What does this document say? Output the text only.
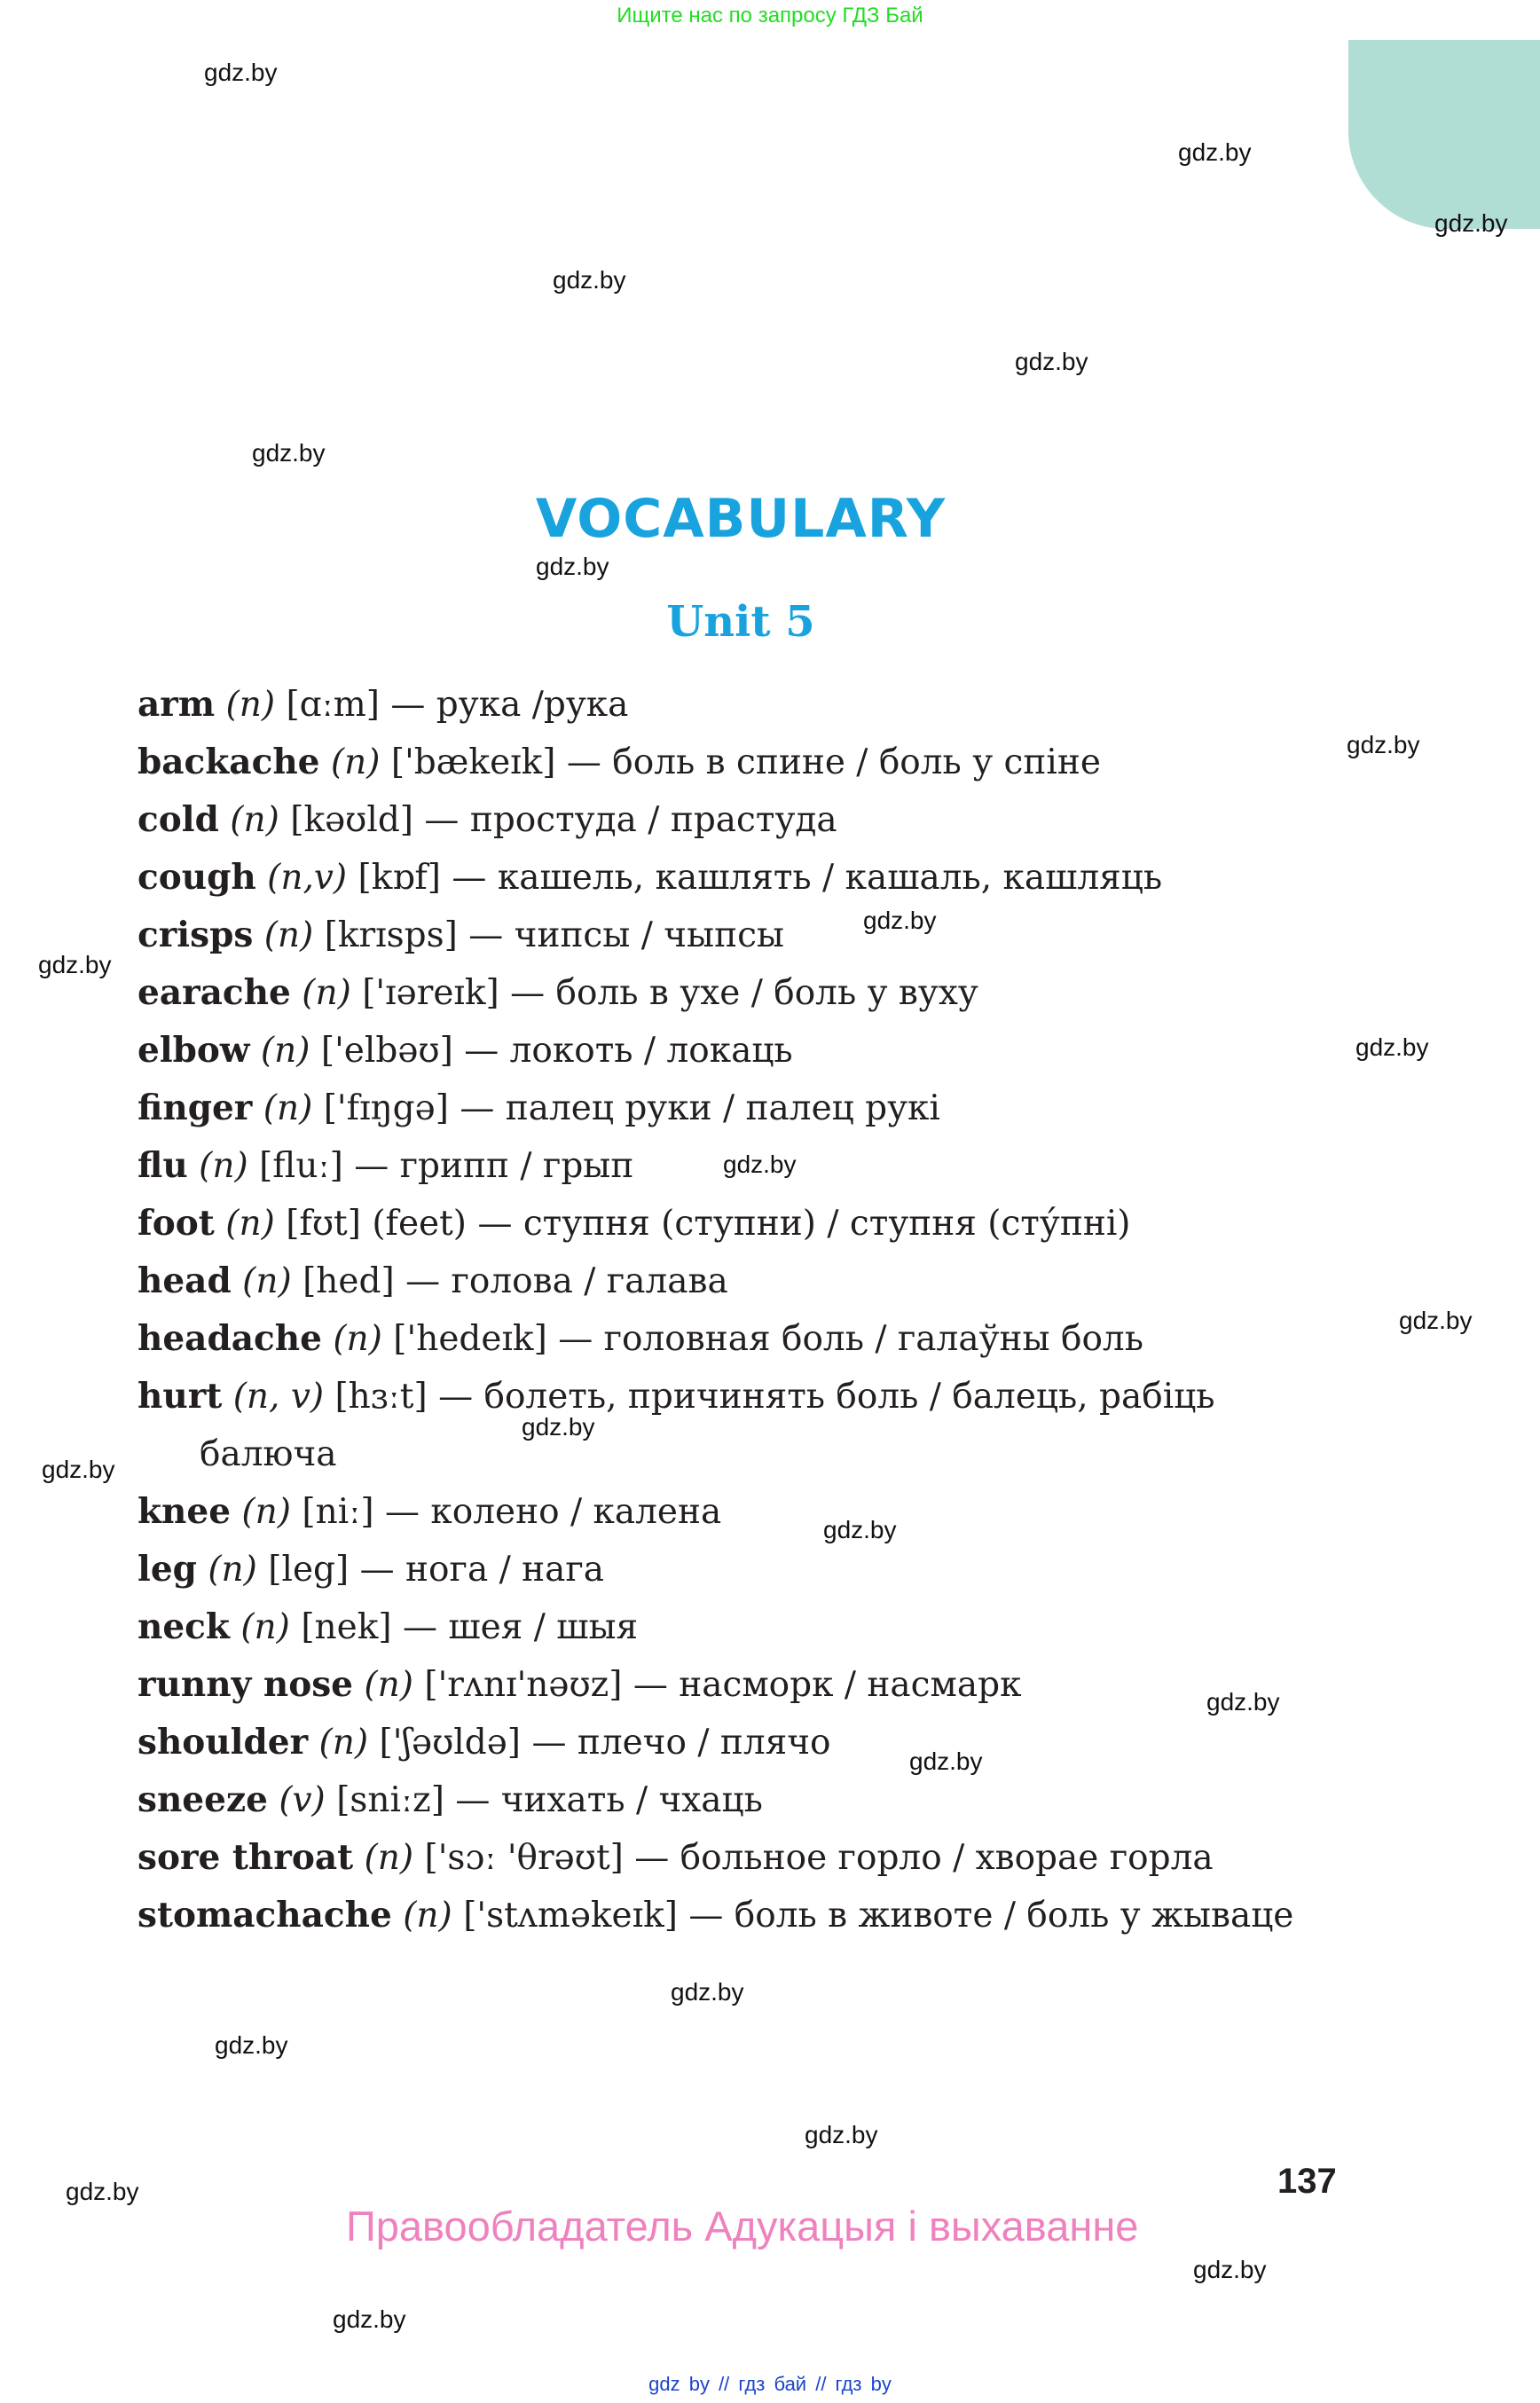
Ищите нас по запросу ГДЗ Бай
gdz.by
gdz.by
gdz.by
gdz.by
gdz.by
gdz.by
gdz.by
gdz.by
gdz.by
gdz.by
gdz.by
gdz.by
gdz.by
gdz.by
gdz.by
gdz.by
gdz.by
gdz.by
gdz.by
gdz.by
gdz.by
gdz.by
gdz.by
gdz.by
VOCABULARY
Unit 5
arm (n) [ɑːm] — рука /рука
backache (n) ['bækeɪk] — боль в спине / боль у спіне
cold (n) [kəʊld] — простуда / прастуда
cough (n,v) [kɒf] — кашель, кашлять / кашаль, кашляць
crisps (n) [krɪsps] — чипсы / чыпсы
earache (n) ['ɪəreɪk] — боль в ухе / боль у вуху
elbow (n) ['elbəʊ] — локоть / локаць
finger (n) ['fɪŋgə] — палец руки / палец рукі
flu (n) [fluː] — грипп / грып
foot (n) [fʊt] (feet) — ступня (ступни) / ступня (сту́пні)
head (n) [hed] — голова / галава
headache (n) ['hedeɪk] — головная боль / галаўны боль
hurt (n, v) [hɜːt] — болеть, причинять боль / балець, рабіць
балюча
knee (n) [niː] — колено / калена
leg (n) [leg] — нога / нага
neck (n) [nek] — шея / шыя
runny nose (n) ['rʌnɪ'nəʊz] — насморк / насмарк
shoulder (n) ['ʃəʊldə] — плечо / плячо
sneeze (v) [sniːz] — чихать / чхаць
sore throat (n) ['sɔː 'θrəʊt] — больное горло / хворае горла
stomachache (n) ['stʌməkeɪk] — боль в животе / боль у жываце
137
Правообладатель Адукацыя і выхаванне
gdz by // гдз бай // гдз by
